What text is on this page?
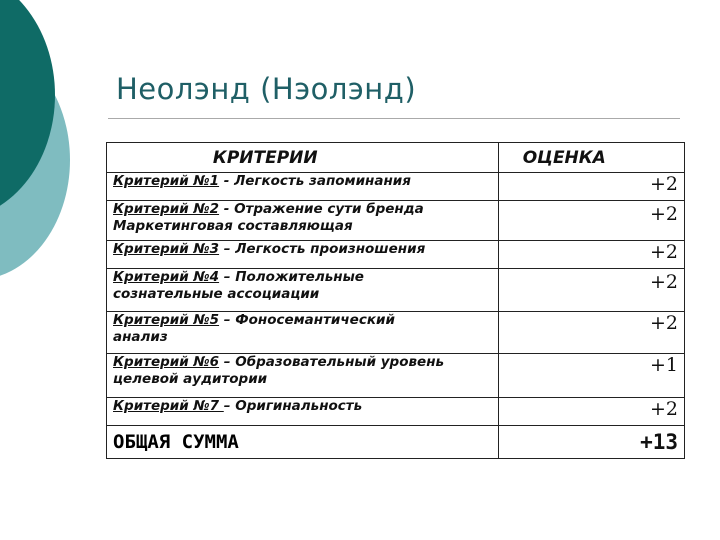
Неолэнд (Нэолэнд)
КРИТЕРИИ	ОЦЕНКА
Критерий №1 - Легкость запоминания	+2
Критерий №2 - Отражение сути бренда
Маркетинговая составляющая	+2
Критерий №3 – Легкость произношения	+2
Критерий №4 – Положительные
сознательные ассоциации	+2
Критерий №5 – Фоносемантический
анализ	+2
Критерий №6 – Образовательный уровень
целевой аудитории	+1
Критерий №7 – Оригинальность	+2
ОБЩАЯ СУММА	+13
